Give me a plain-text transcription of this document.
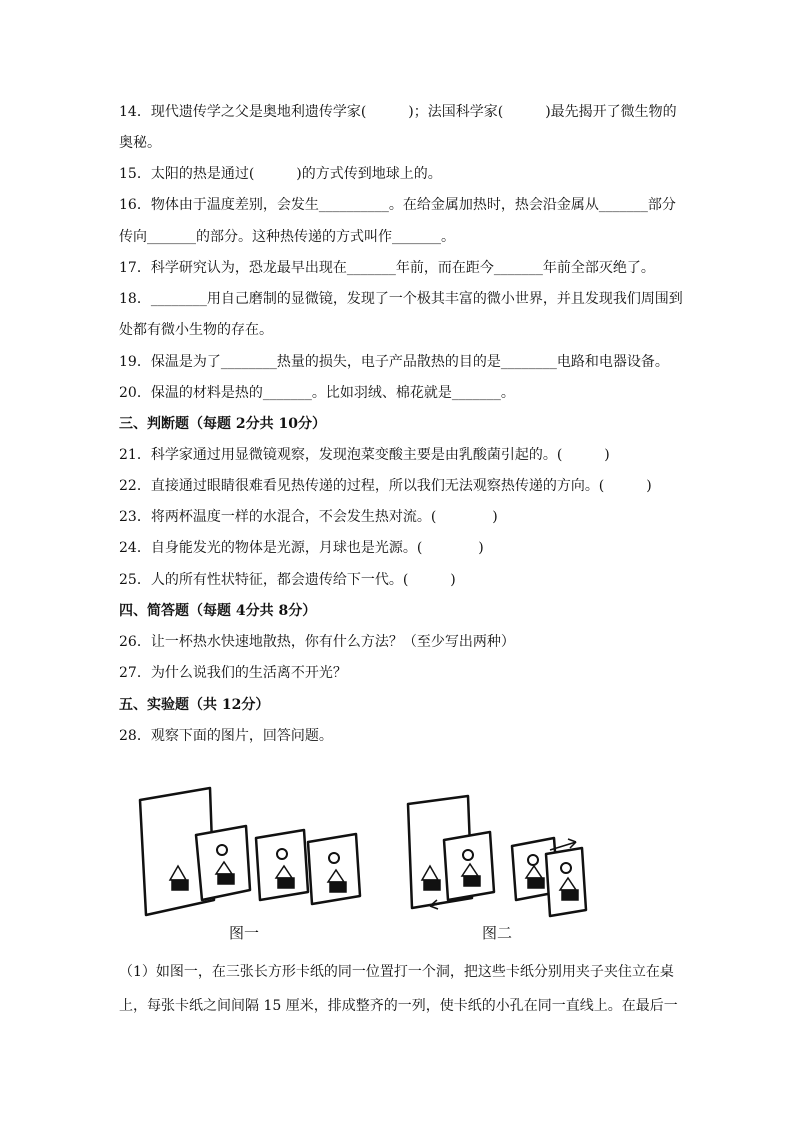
14．现代遗传学之父是奥地利遗传学家(　　　)；法国科学家(　　　)最先揭开了微生物的
奥秘。
15．太阳的热是通过(　　　)的方式传到地球上的。
16．物体由于温度差别，会发生__________。在给金属加热时，热会沿金属从_______部分
传向_______的部分。这种热传递的方式叫作_______。
17．科学研究认为，恐龙最早出现在_______年前，而在距今_______年前全部灭绝了。
18．________用自己磨制的显微镜，发现了一个极其丰富的微小世界，并且发现我们周围到
处都有微小生物的存在。
19．保温是为了________热量的损失，电子产品散热的目的是________电路和电器设备。
20．保温的材料是热的_______。比如羽绒、棉花就是_______。
三、判断题（每题 2分共 10分）
21．科学家通过用显微镜观察，发现泡菜变酸主要是由乳酸菌引起的。(　　　)
22．直接通过眼睛很难看见热传递的过程，所以我们无法观察热传递的方向。(　　　)
23．将两杯温度一样的水混合，不会发生热对流。(　　　　)
24．自身能发光的物体是光源，月球也是光源。(　　　　)
25．人的所有性状特征，都会遗传给下一代。(　　　)
四、简答题（每题 4分共 8分）
26．让一杯热水快速地散热，你有什么方法？（至少写出两种）
27．为什么说我们的生活离不开光？
五、实验题（共 12分）
28．观察下面的图片，回答问题。
图一	图二
（1）如图一，在三张长方形卡纸的同一位置打一个洞，把这些卡纸分别用夹子夹住立在桌
上，每张卡纸之间间隔 15 厘米，排成整齐的一列，使卡纸的小孔在同一直线上。在最后一
